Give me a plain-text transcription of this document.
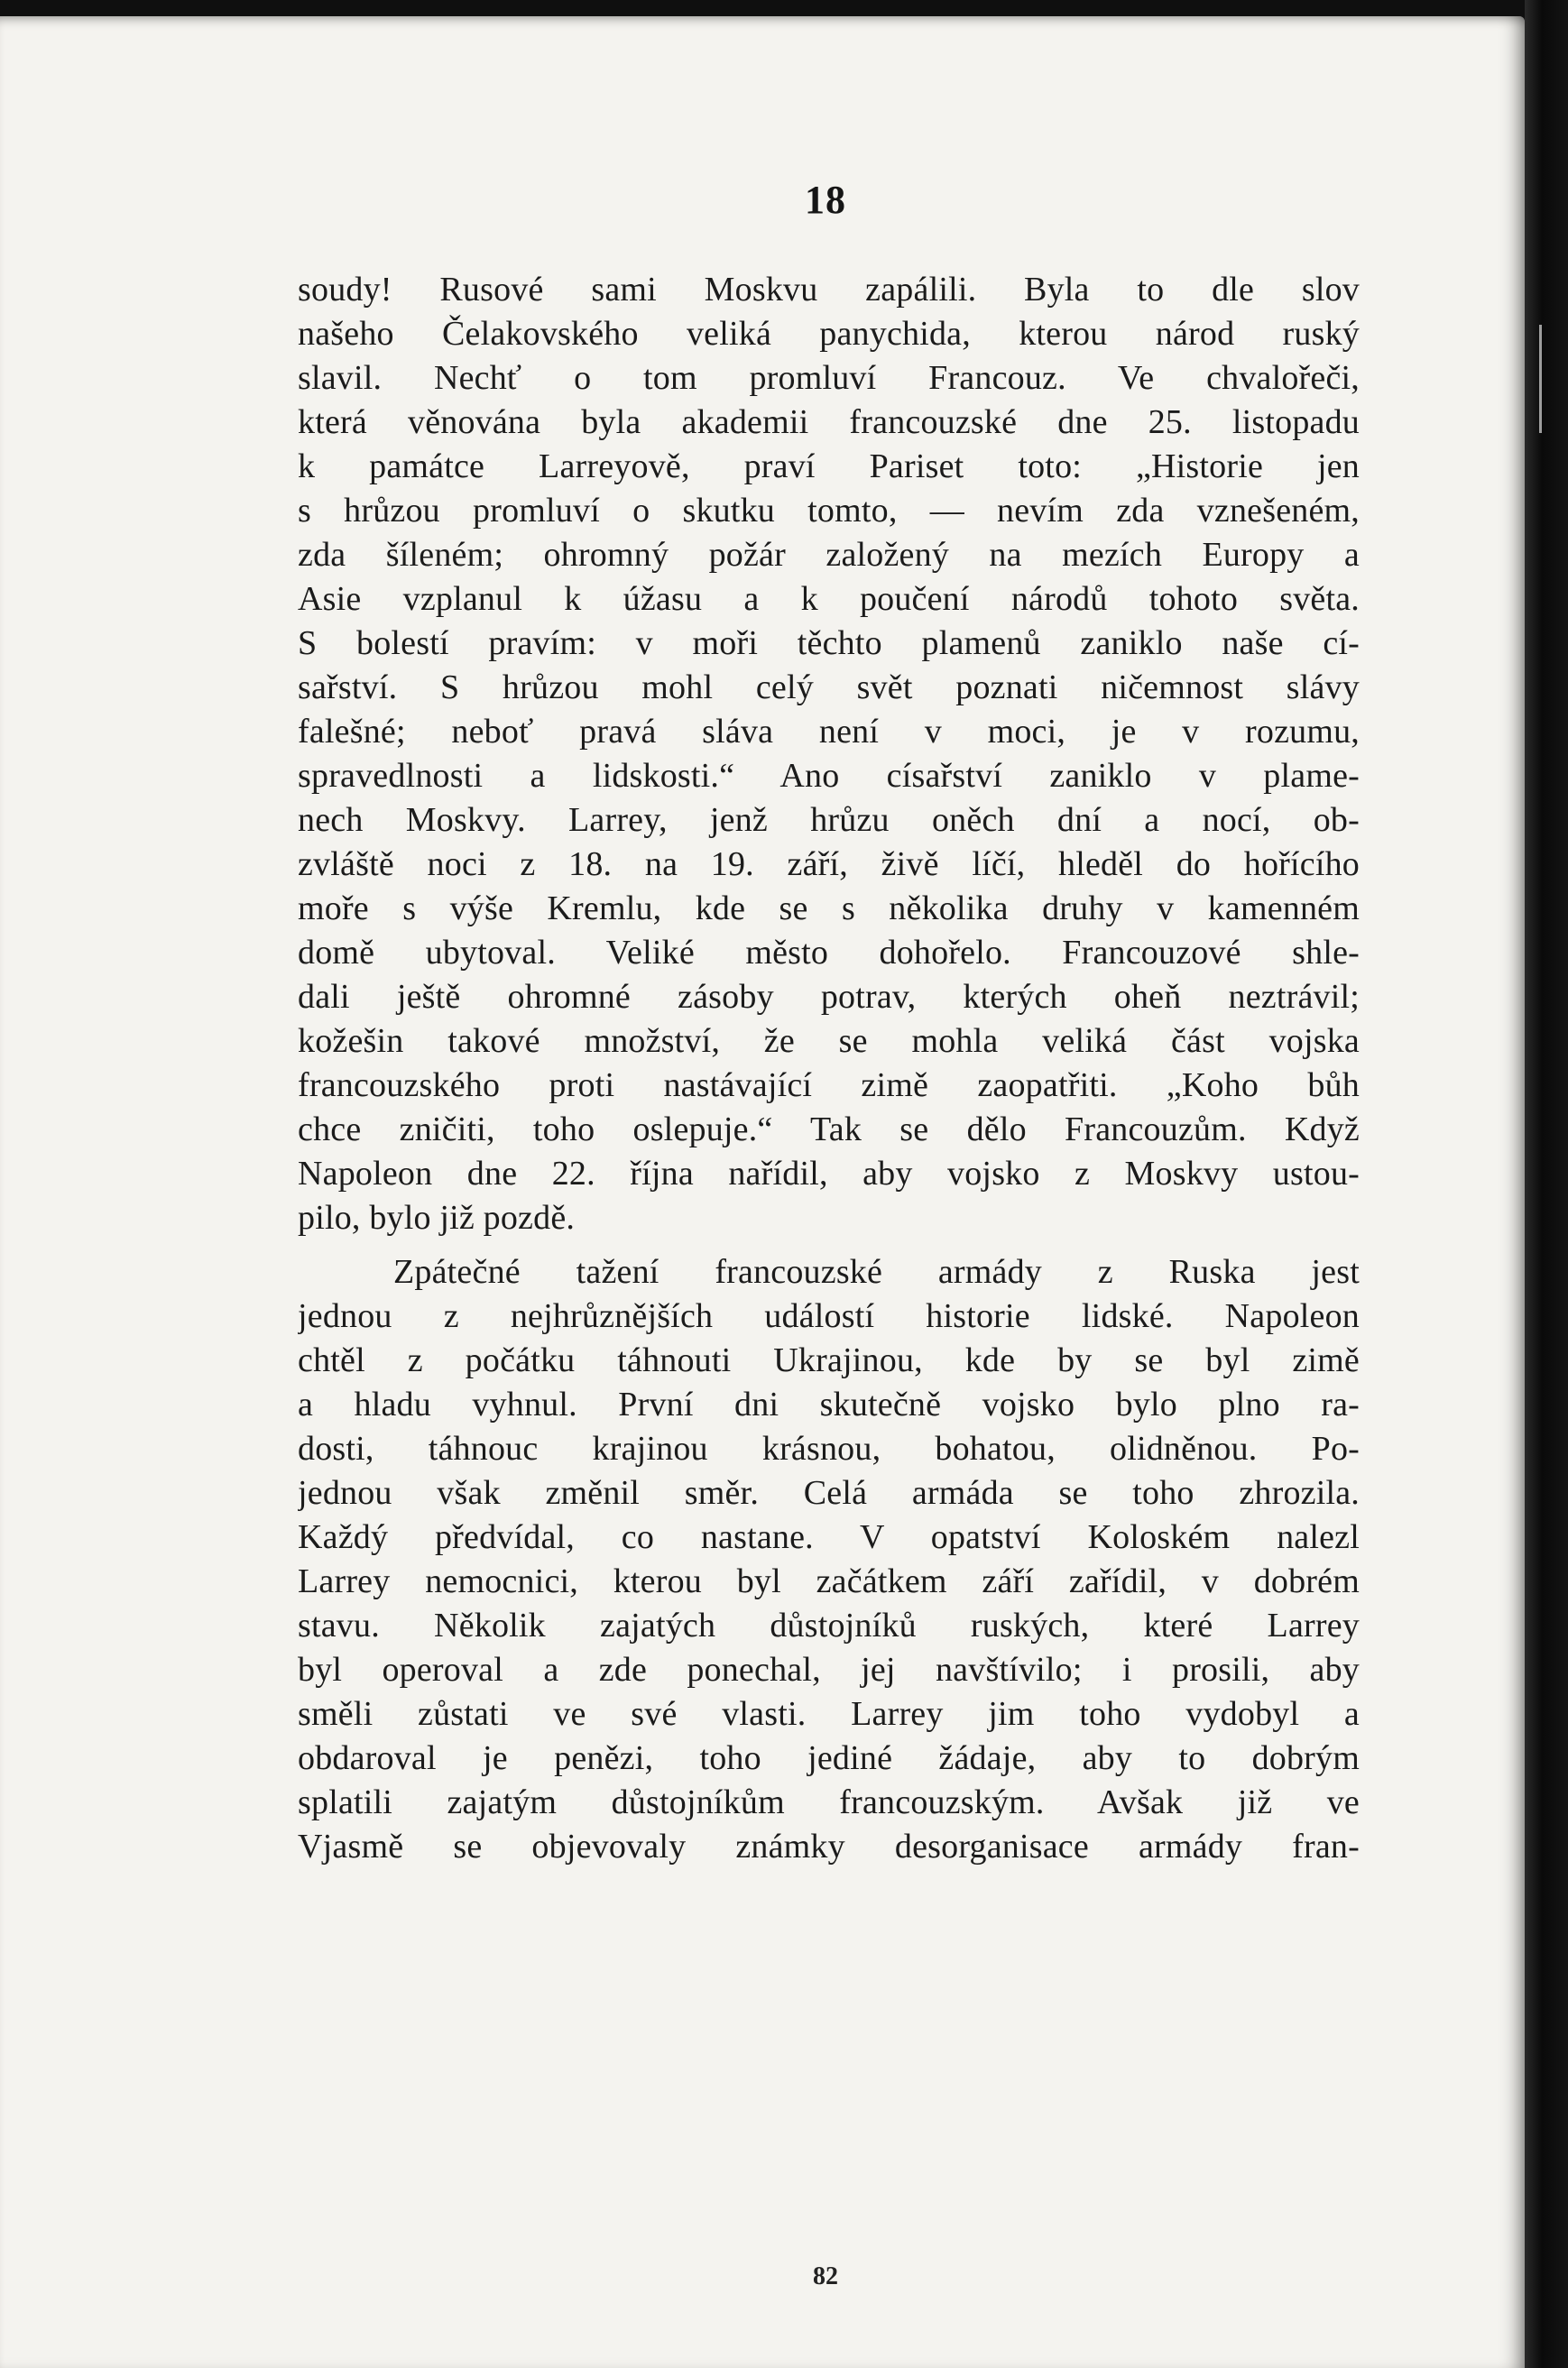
18
soudy! Rusové sami Moskvu zapálili. Byla to dle slov
našeho Čelakovského veliká panychida, kterou národ ruský
slavil. Nechť o tom promluví Francouz. Ve chvalořeči,
která věnována byla akademii francouzské dne 25. listopadu
k památce Larreyově, praví Pariset toto: „Historie jen
s hrůzou promluví o skutku tomto, — nevím zda vznešeném,
zda šíleném; ohromný požár založený na mezích Europy a
Asie vzplanul k úžasu a k poučení národů tohoto světa.
S bolestí pravím: v moři těchto plamenů zaniklo naše cí-
sařství. S hrůzou mohl celý svět poznati ničemnost slávy
falešné; neboť pravá sláva není v moci, je v rozumu,
spravedlnosti a lidskosti.“ Ano císařství zaniklo v plame-
nech Moskvy. Larrey, jenž hrůzu oněch dní a nocí, ob-
zvláště noci z 18. na 19. září, živě líčí, hleděl do hořícího
moře s výše Kremlu, kde se s několika druhy v kamenném
domě ubytoval. Veliké město dohořelo. Francouzové shle-
dali ještě ohromné zásoby potrav, kterých oheň neztrávil;
kožešin takové množství, že se mohla veliká část vojska
francouzského proti nastávající zimě zaopatřiti. „Koho bůh
chce zničiti, toho oslepuje.“ Tak se dělo Francouzům. Když
Napoleon dne 22. října nařídil, aby vojsko z Moskvy ustou-
pilo, bylo již pozdě.
Zpátečné tažení francouzské armády z Ruska jest
jednou z nejhrůznějších událostí historie lidské. Napoleon
chtěl z počátku táhnouti Ukrajinou, kde by se byl zimě
a hladu vyhnul. První dni skutečně vojsko bylo plno ra-
dosti, táhnouc krajinou krásnou, bohatou, olidněnou. Po-
jednou však změnil směr. Celá armáda se toho zhrozila.
Každý předvídal, co nastane. V opatství Koloském nalezl
Larrey nemocnici, kterou byl začátkem září zařídil, v dobrém
stavu. Několik zajatých důstojníků ruských, které Larrey
byl operoval a zde ponechal, jej navštívilo; i prosili, aby
směli zůstati ve své vlasti. Larrey jim toho vydobyl a
obdaroval je penězi, toho jediné žádaje, aby to dobrým
splatili zajatým důstojníkům francouzským. Avšak již ve
Vjasmě se objevovaly známky desorganisace armády fran-
82
